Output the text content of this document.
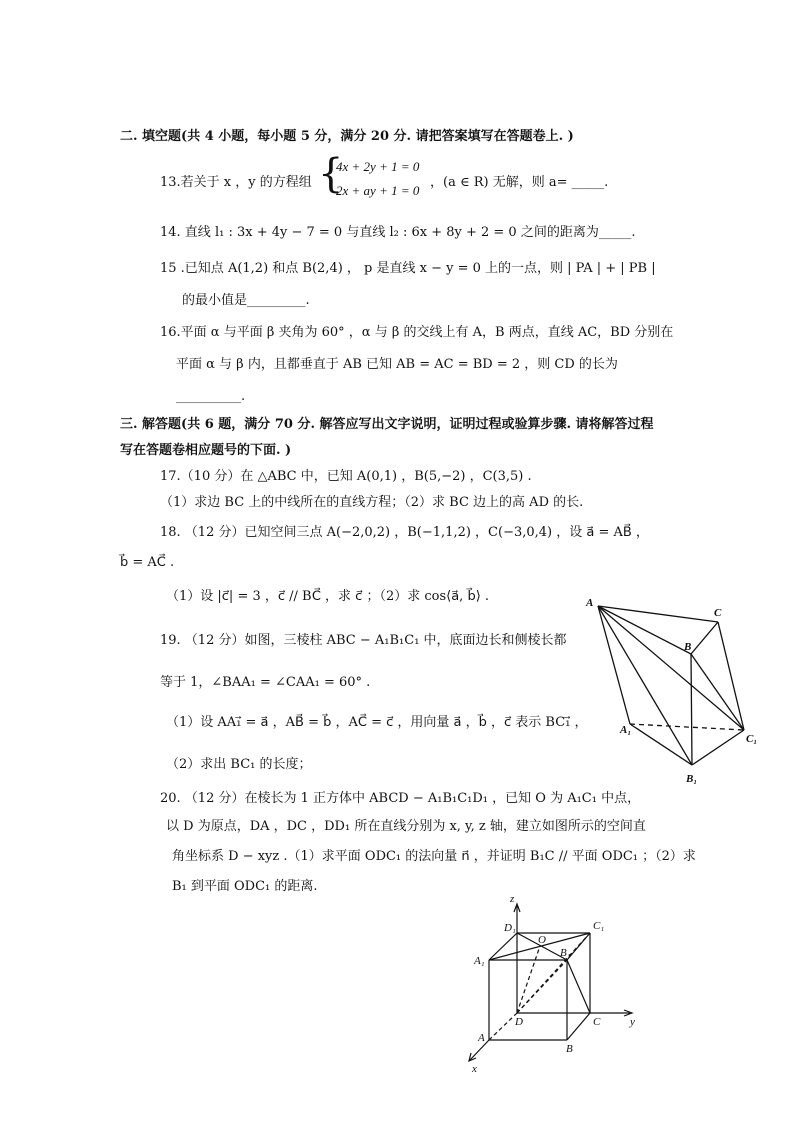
二. 填空题(共 4 小题，每小题 5 分，满分 20 分. 请把答案填写在答题卷上. )
13.若关于 x ，y 的方程组 {
4x + 2y + 1 = 0
2x + ay + 1 = 0
，(a ∈ R) 无解，则 a= _____.
14. 直线 l₁ : 3x + 4y − 7 = 0 与直线 l₂ : 6x + 8y + 2 = 0 之间的距离为_____.
15 .已知点 A(1,2) 和点 B(2,4) ， p 是直线 x − y = 0 上的一点，则 | PA | + | PB |
的最小值是_________.
16.平面 α 与平面 β 夹角为 60° ，α 与 β 的交线上有 A，B 两点，直线 AC，BD 分别在
平面 α 与 β 内，且都垂直于 AB 已知 AB = AC = BD = 2 ，则 CD 的长为
__________.
三. 解答题(共 6 题，满分 70 分. 解答应写出文字说明，证明过程或验算步骤. 请将解答过程
写在答题卷相应题号的下面. )
17.（10 分）在 △ABC 中，已知 A(0,1) ，B(5,−2) ，C(3,5) .
（1）求边 BC 上的中线所在的直线方程；（2）求 BC 边上的高 AD 的长.
18. （12 分）已知空间三点 A(−2,0,2) ，B(−1,1,2) ，C(−3,0,4) ，设 a⃗ = AB⃗ ，
b⃗ = AC⃗ .
（1）设 |c⃗| = 3 ，c⃗ // BC⃗ ，求 c⃗ ；（2）求 cos⟨a⃗, b⃗⟩ .
19. （12 分）如图，三棱柱 ABC − A₁B₁C₁ 中，底面边长和侧棱长都
等于 1，∠BAA₁ = ∠CAA₁ = 60° .
（1）设 AA₁⃗ = a⃗ ，AB⃗ = b⃗ ，AC⃗ = c⃗ ，用向量 a⃗ ，b⃗ ，c⃗ 表示 BC₁⃗ ，
（2）求出 BC₁ 的长度；
20. （12 分）在棱长为 1 正方体中 ABCD − A₁B₁C₁D₁ ，已知 O 为 A₁C₁ 中点，
以 D 为原点，DA ，DC ，DD₁ 所在直线分别为 x, y, z 轴，建立如图所示的空间直
角坐标系 D − xyz .（1）求平面 ODC₁ 的法向量 n⃗ ，并证明 B₁C // 平面 ODC₁ ；（2）求
B₁ 到平面 ODC₁ 的距离.
A
C
B
A₁
C₁
B₁
D₁
O
C₁
A₁
B₁
D	C
A
B
z
y
x
